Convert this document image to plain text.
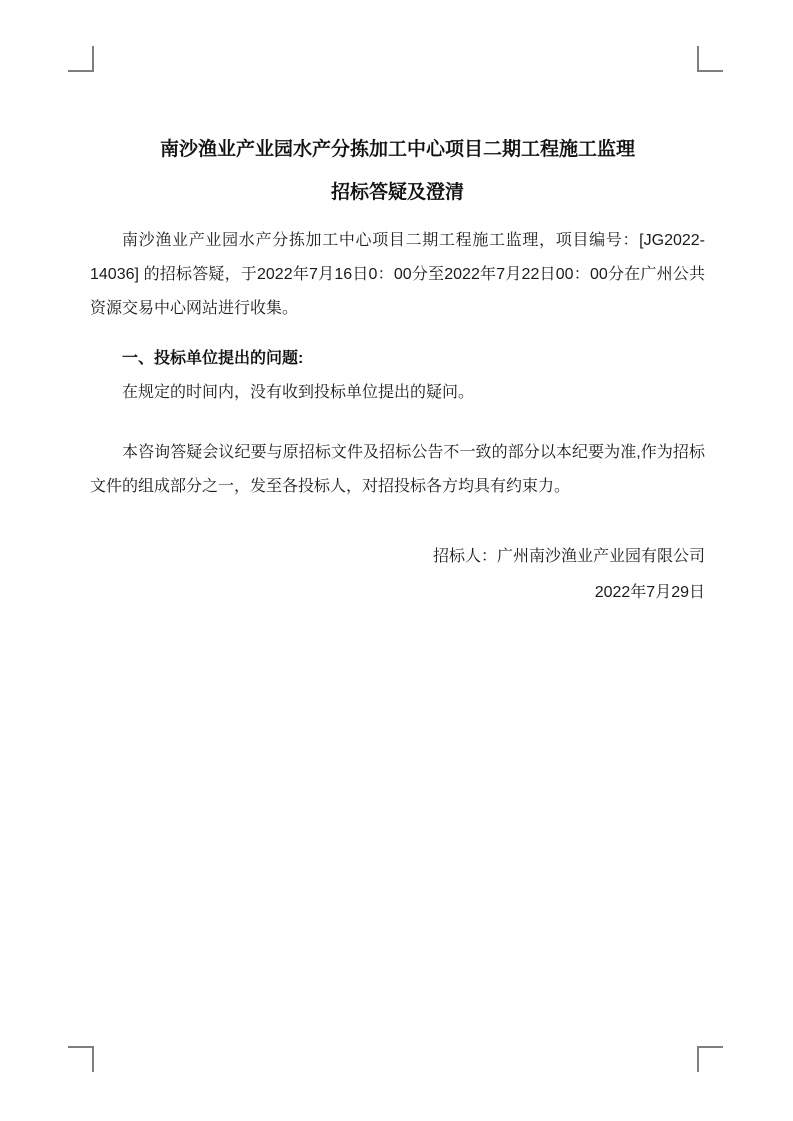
南沙渔业产业园水产分拣加工中心项目二期工程施工监理
招标答疑及澄清

南沙渔业产业园水产分拣加工中心项目二期工程施工监理，项目编号：[JG2022-14036] 的招标答疑，于2022年7月16日0：00分至2022年7月22日00：00分在广州公共资源交易中心网站进行收集。

一、投标单位提出的问题:

在规定的时间内，没有收到投标单位提出的疑问。

本咨询答疑会议纪要与原招标文件及招标公告不一致的部分以本纪要为准,作为招标文件的组成部分之一，发至各投标人，对招投标各方均具有约束力。

招标人：广州南沙渔业产业园有限公司
2022年7月29日
